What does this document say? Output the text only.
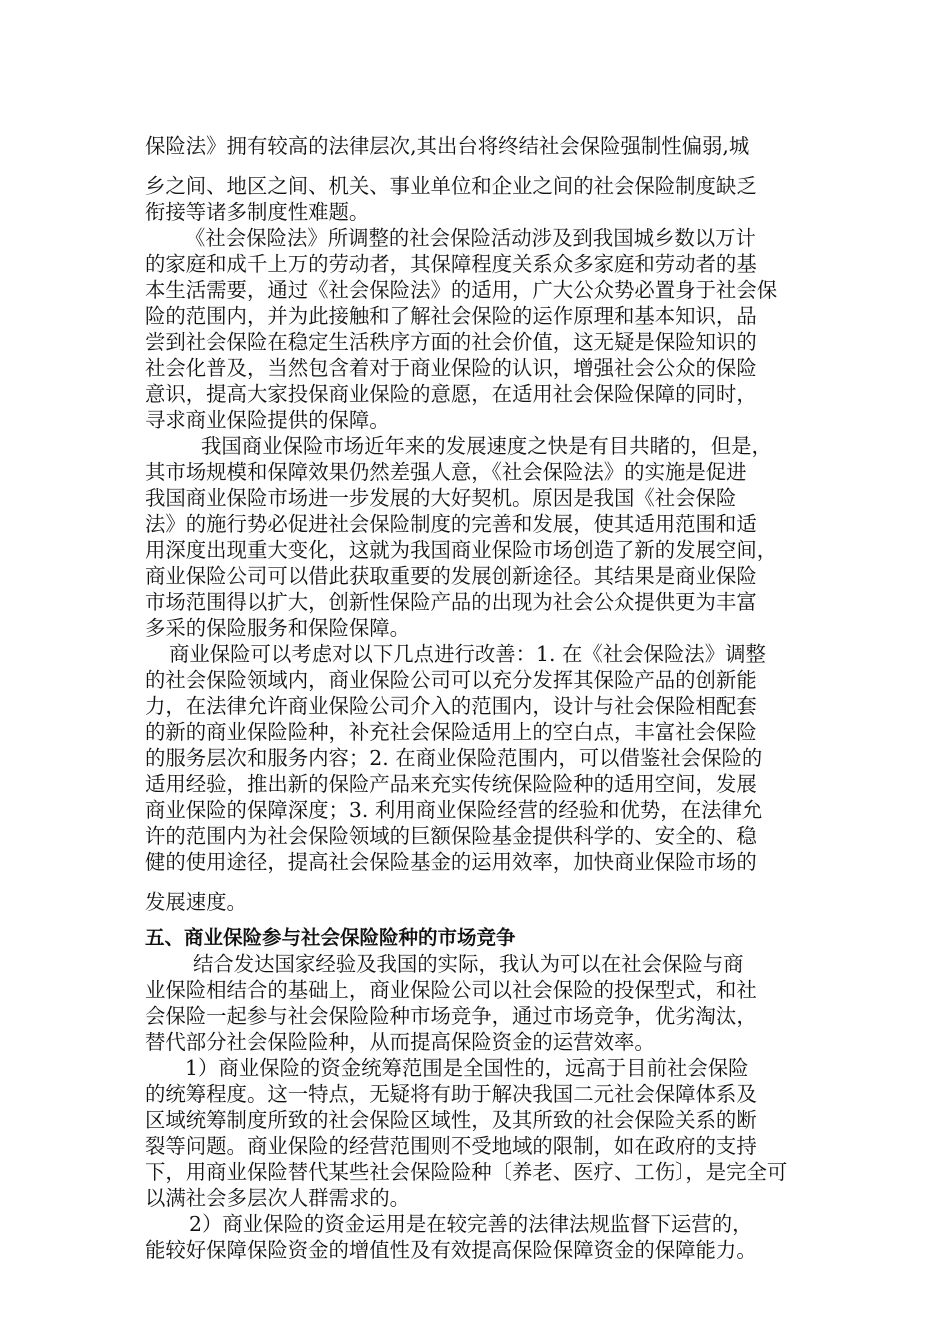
保险法》拥有较高的法律层次,其出台将终结社会保险强制性偏弱,城
乡之间、地区之间、机关、事业单位和企业之间的社会保险制度缺乏
衔接等诸多制度性难题。
《社会保险法》所调整的社会保险活动涉及到我国城乡数以万计
的家庭和成千上万的劳动者，其保障程度关系众多家庭和劳动者的基
本生活需要，通过《社会保险法》的适用，广大公众势必置身于社会保
险的范围内，并为此接触和了解社会保险的运作原理和基本知识，品
尝到社会保险在稳定生活秩序方面的社会价值，这无疑是保险知识的
社会化普及，当然包含着对于商业保险的认识，增强社会公众的保险
意识，提高大家投保商业保险的意愿，在适用社会保险保障的同时，
寻求商业保险提供的保障。
我国商业保险市场近年来的发展速度之快是有目共睹的，但是，
其市场规模和保障效果仍然差强人意，《社会保险法》的实施是促进
我国商业保险市场进一步发展的大好契机。原因是我国《社会保险
法》的施行势必促进社会保险制度的完善和发展，使其适用范围和适
用深度出现重大变化，这就为我国商业保险市场创造了新的发展空间，
商业保险公司可以借此获取重要的发展创新途径。其结果是商业保险
市场范围得以扩大，创新性保险产品的出现为社会公众提供更为丰富
多采的保险服务和保险保障。
商业保险可以考虑对以下几点进行改善：1. 在《社会保险法》调整
的社会保险领域内，商业保险公司可以充分发挥其保险产品的创新能
力，在法律允许商业保险公司介入的范围内，设计与社会保险相配套
的新的商业保险险种，补充社会保险适用上的空白点，丰富社会保险
的服务层次和服务内容；2. 在商业保险范围内，可以借鉴社会保险的
适用经验，推出新的保险产品来充实传统保险险种的适用空间，发展
商业保险的保障深度；3. 利用商业保险经营的经验和优势，在法律允
许的范围内为社会保险领域的巨额保险基金提供科学的、安全的、稳
健的使用途径，提高社会保险基金的运用效率，加快商业保险市场的
发展速度。
五、商业保险参与社会保险险种的市场竞争
结合发达国家经验及我国的实际，我认为可以在社会保险与商
业保险相结合的基础上，商业保险公司以社会保险的投保型式，和社
会保险一起参与社会保险险种市场竞争，通过市场竞争，优劣淘汰，
替代部分社会保险险种，从而提高保险资金的运营效率。
1）商业保险的资金统筹范围是全国性的，远高于目前社会保险
的统筹程度。这一特点，无疑将有助于解决我国二元社会保障体系及
区域统筹制度所致的社会保险区域性，及其所致的社会保险关系的断
裂等问题。商业保险的经营范围则不受地域的限制，如在政府的支持
下，用商业保险替代某些社会保险险种〔养老、医疗、工伤〕，是完全可
以满社会多层次人群需求的。
2）商业保险的资金运用是在较完善的法律法规监督下运营的，
能较好保障保险资金的增值性及有效提高保险保障资金的保障能力。
